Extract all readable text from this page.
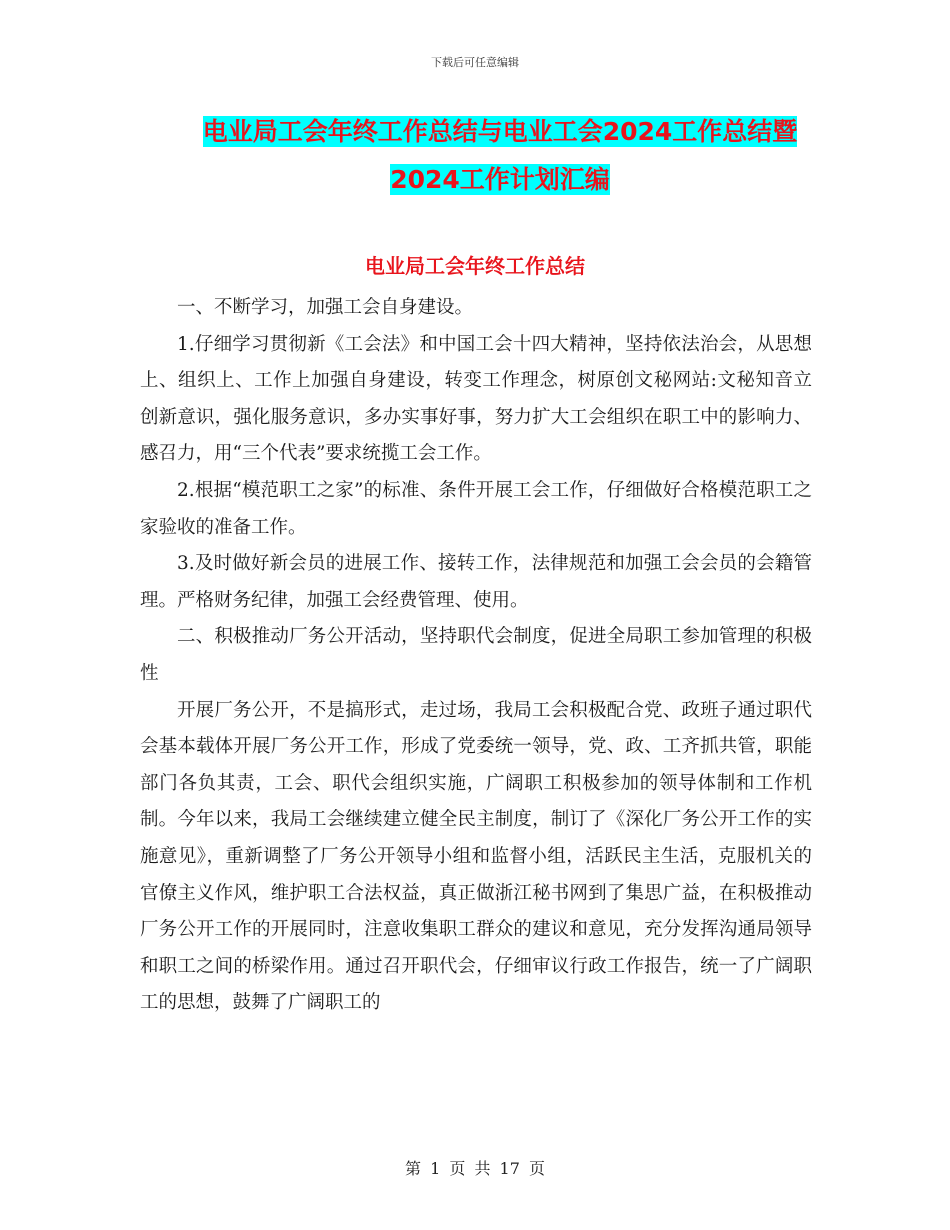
下载后可任意编辑
电业局工会年终工作总结与电业工会2024工作总结暨
2024工作计划汇编
电业局工会年终工作总结

一、不断学习，加强工会自身建设。

1.仔细学习贯彻新《工会法》和中国工会十四大精神，坚持依法治会，从思想上、组织上、工作上加强自身建设，转变工作理念，树原创文秘网站:文秘知音立创新意识，强化服务意识，多办实事好事，努力扩大工会组织在职工中的影响力、感召力，用“三个代表”要求统揽工会工作。

2.根据“模范职工之家”的标准、条件开展工会工作，仔细做好合格模范职工之家验收的准备工作。

3.及时做好新会员的进展工作、接转工作，法律规范和加强工会会员的会籍管理。严格财务纪律，加强工会经费管理、使用。

二、积极推动厂务公开活动，坚持职代会制度，促进全局职工参加管理的积极性

开展厂务公开，不是搞形式，走过场，我局工会积极配合党、政班子通过职代会基本载体开展厂务公开工作，形成了党委统一领导，党、政、工齐抓共管，职能部门各负其责，工会、职代会组织实施，广阔职工积极参加的领导体制和工作机制。今年以来，我局工会继续建立健全民主制度，制订了《深化厂务公开工作的实施意见》，重新调整了厂务公开领导小组和监督小组，活跃民主生活，克服机关的官僚主义作风，维护职工合法权益，真正做浙江秘书网到了集思广益，在积极推动厂务公开工作的开展同时，注意收集职工群众的建议和意见，充分发挥沟通局领导和职工之间的桥梁作用。通过召开职代会，仔细审议行政工作报告，统一了广阔职工的思想，鼓舞了广阔职工的

第 1 页 共 17 页
